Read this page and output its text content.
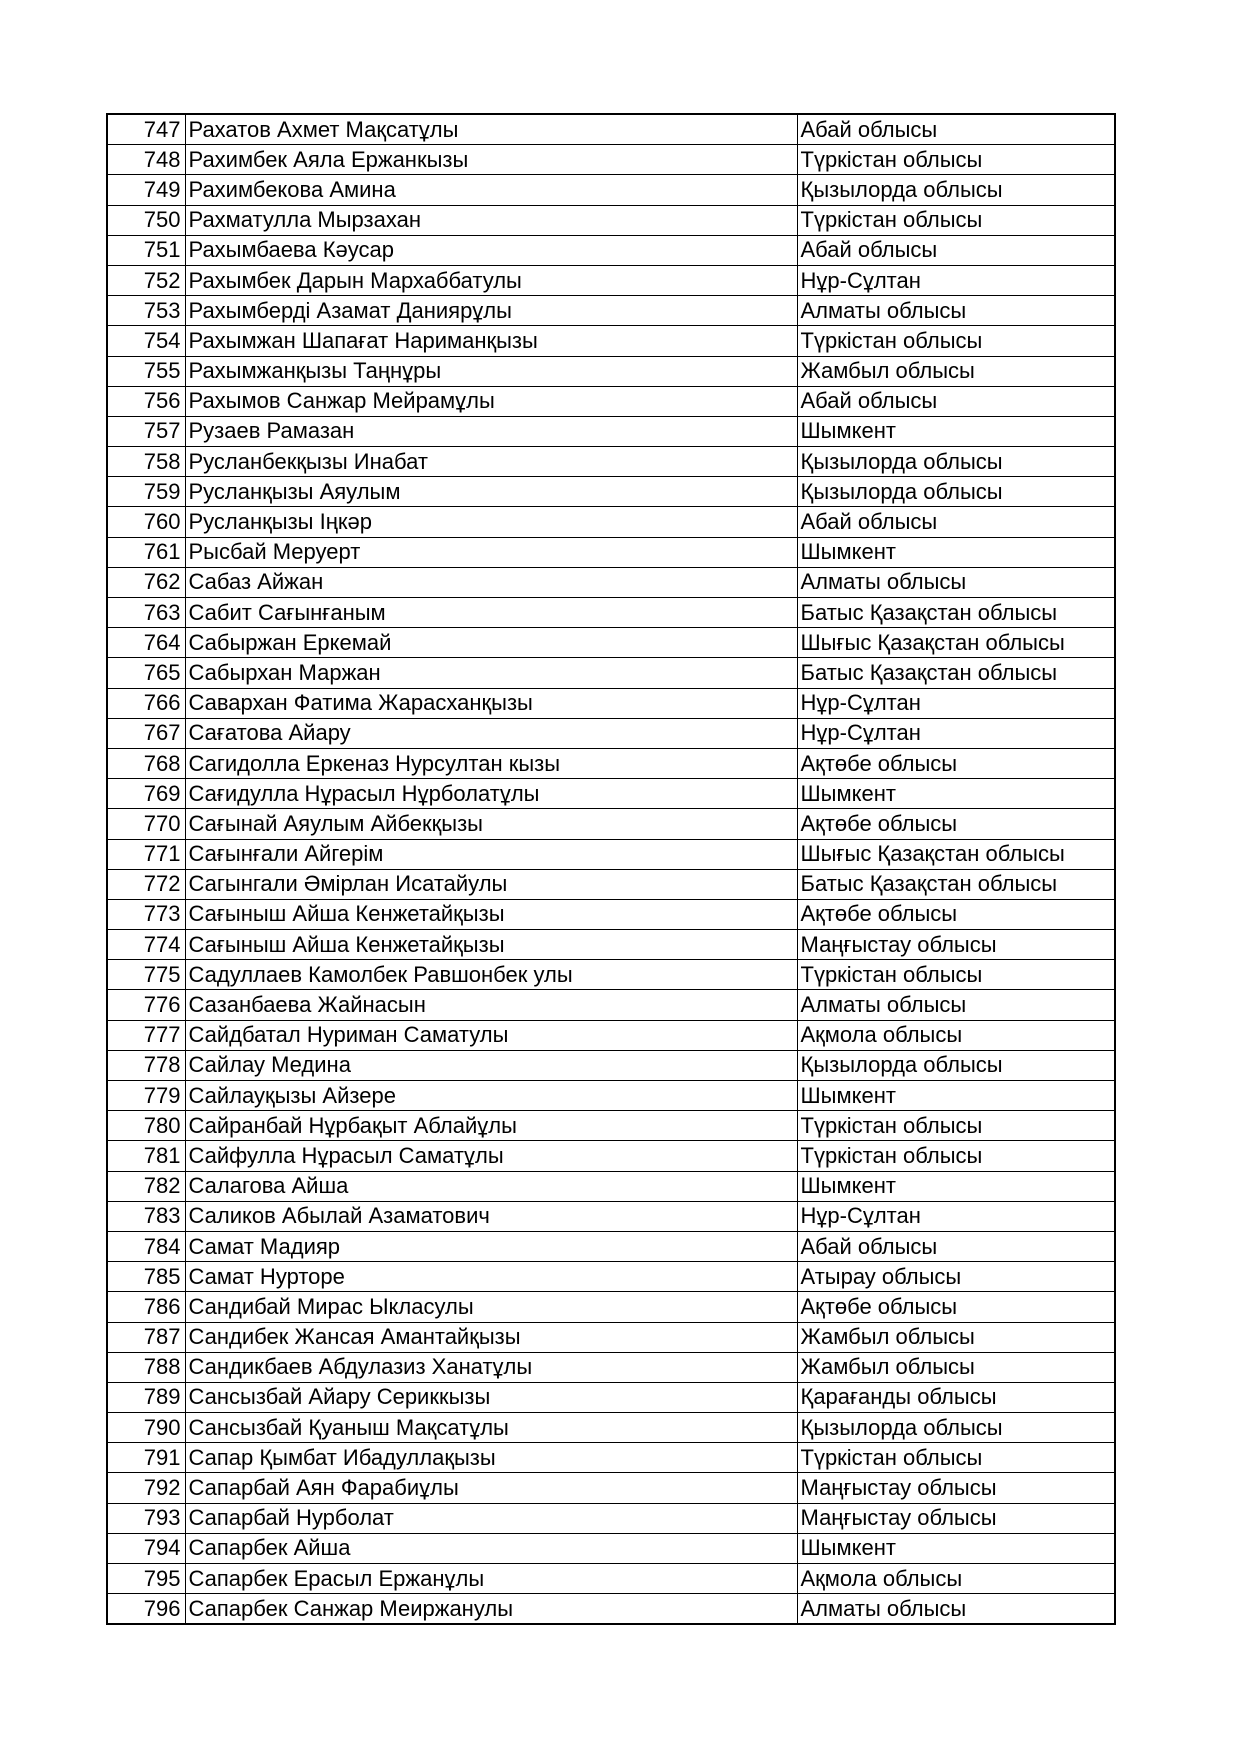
747	Рахатов Ахмет Мақсатұлы	Абай облысы
748	Рахимбек Аяла Ержанкызы	Түркістан облысы
749	Рахимбекова Амина	Қызылорда облысы
750	Рахматулла Мырзахан	Түркістан облысы
751	Рахымбаева Кәусар	Абай облысы
752	Рахымбек Дарын Мархаббатулы	Нұр-Сұлтан
753	Рахымберді Азамат Даниярұлы	Алматы облысы
754	Рахымжан Шапағат Нариманқызы	Түркістан облысы
755	Рахымжанқызы Таңнұры	Жамбыл облысы
756	Рахымов Санжар Мейрамұлы	Абай облысы
757	Рузаев Рамазан	Шымкент
758	Русланбекқызы Инабат	Қызылорда облысы
759	Русланқызы Аяулым	Қызылорда облысы
760	Русланқызы Іңкәр	Абай облысы
761	Рысбай Меруерт	Шымкент
762	Сабаз Айжан	Алматы облысы
763	Сабит Сағынғаным	Батыс Қазақстан облысы
764	Сабыржан Еркемай	Шығыс Қазақстан облысы
765	Сабырхан Маржан	Батыс Қазақстан облысы
766	Савархан Фатима Жарасханқызы	Нұр-Сұлтан
767	Сағатова Айару	Нұр-Сұлтан
768	Сагидолла Еркеназ Нурсултан кызы	Ақтөбе облысы
769	Сағидулла Нұрасыл Нұрболатұлы	Шымкент
770	Сағынай Аяулым Айбекқызы	Ақтөбе облысы
771	Сағынғали Айгерім	Шығыс Қазақстан облысы
772	Сагынгали Әмірлан Исатайулы	Батыс Қазақстан облысы
773	Сағыныш Айша Кенжетайқызы	Ақтөбе облысы
774	Сағыныш Айша Кенжетайқызы	Маңғыстау облысы
775	Садуллаев Камолбек Равшонбек улы	Түркістан облысы
776	Сазанбаева Жайнасын	Алматы облысы
777	Сайдбатал Нуриман Саматулы	Ақмола облысы
778	Сайлау Медина	Қызылорда облысы
779	Сайлауқызы Айзере	Шымкент
780	Сайранбай Нұрбақыт Аблайұлы	Түркістан облысы
781	Сайфулла Нұрасыл Саматұлы	Түркістан облысы
782	Салагова Айша	Шымкент
783	Саликов Абылай Азаматович	Нұр-Сұлтан
784	Самат Мадияр	Абай облысы
785	Самат Нурторе	Атырау облысы
786	Сандибай Мирас Ыкласулы	Ақтөбе облысы
787	Сандибек Жансая Амантайқызы	Жамбыл облысы
788	Сандикбаев Абдулазиз Ханатұлы	Жамбыл облысы
789	Сансызбай Айару Сериккызы	Қарағанды облысы
790	Сансызбай Қуаныш Мақсатұлы	Қызылорда облысы
791	Сапар Қымбат Ибадуллақызы	Түркістан облысы
792	Сапарбай Аян Фарабиұлы	Маңғыстау облысы
793	Сапарбай Нурболат	Маңғыстау облысы
794	Сапарбек Айша	Шымкент
795	Сапарбек Ерасыл Ержанұлы	Ақмола облысы
796	Сапарбек Санжар Меиржанулы	Алматы облысы
